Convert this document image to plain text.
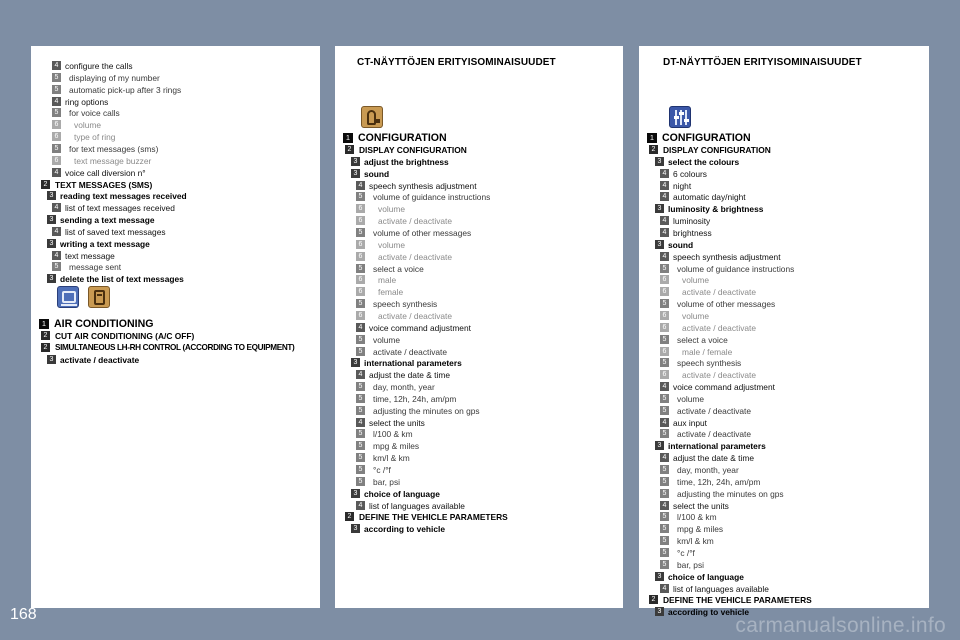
4 configure the calls
5	displaying of my number
5	automatic pick-up after 3 rings
4 ring options
5	for voice calls
6	volume
6	type of ring
5	for text messages (sms)
6	text message buzzer
4 voice call diversion n°
2 TEXT MESSAGES (SMS)
3 reading text messages received
4 list of text messages received
3 sending a text message
4 list of saved text messages
3 writing a text message
4 text message
5	message sent
3 delete the list of text messages
1 AIR CONDITIONING
2 CUT AIR CONDITIONING (A/C OFF)
2 SIMULTANEOUS LH-RH CONTROL (ACCORDING TO EQUIPMENT)
3 activate / deactivate
CT-NÄYTTÖJEN ERITYISOMINAISUUDET
1 CONFIGURATION
2 DISPLAY CONFIGURATION
3 adjust the brightness
3 sound
4 speech synthesis adjustment
5	volume of guidance instructions
6	volume
6	activate / deactivate
5	volume of other messages
6	volume
6	activate / deactivate
5	select a voice
6	male
6	female
5	speech synthesis
6	activate / deactivate
4 voice command adjustment
5	volume
5	activate / deactivate
3 international parameters
4 adjust the date & time
5	day, month, year
5	time, 12h, 24h, am/pm
5	adjusting the minutes on gps
4 select the units
5	l/100 & km
5	mpg & miles
5	km/l & km
5	°c /°f
5	bar, psi
3 choice of language
4 list of languages available
2 DEFINE THE VEHICLE PARAMETERS
3 according to vehicle
DT-NÄYTTÖJEN ERITYISOMINAISUUDET
1 CONFIGURATION
2 DISPLAY CONFIGURATION
3 select the colours
4 6 colours
4 night
4 automatic day/night
3 luminosity & brightness
4 luminosity
4 brightness
3 sound
4 speech synthesis adjustment
5	volume of guidance instructions
6	volume
6	activate / deactivate
5	volume of other messages
6	volume
6	activate / deactivate
5	select a voice
6	male / female
5	speech synthesis
6	activate / deactivate
4 voice command adjustment
5	volume
5	activate / deactivate
4 aux input
5	activate / deactivate
3 international parameters
4 adjust the date & time
5	day, month, year
5	time, 12h, 24h, am/pm
5	adjusting the minutes on gps
4 select the units
5	l/100 & km
5	mpg & miles
5	km/l & km
5	°c /°f
5	bar, psi
3 choice of language
4 list of languages available
2 DEFINE THE VEHICLE PARAMETERS
3 according to vehicle
168	carmanualsonline.info
